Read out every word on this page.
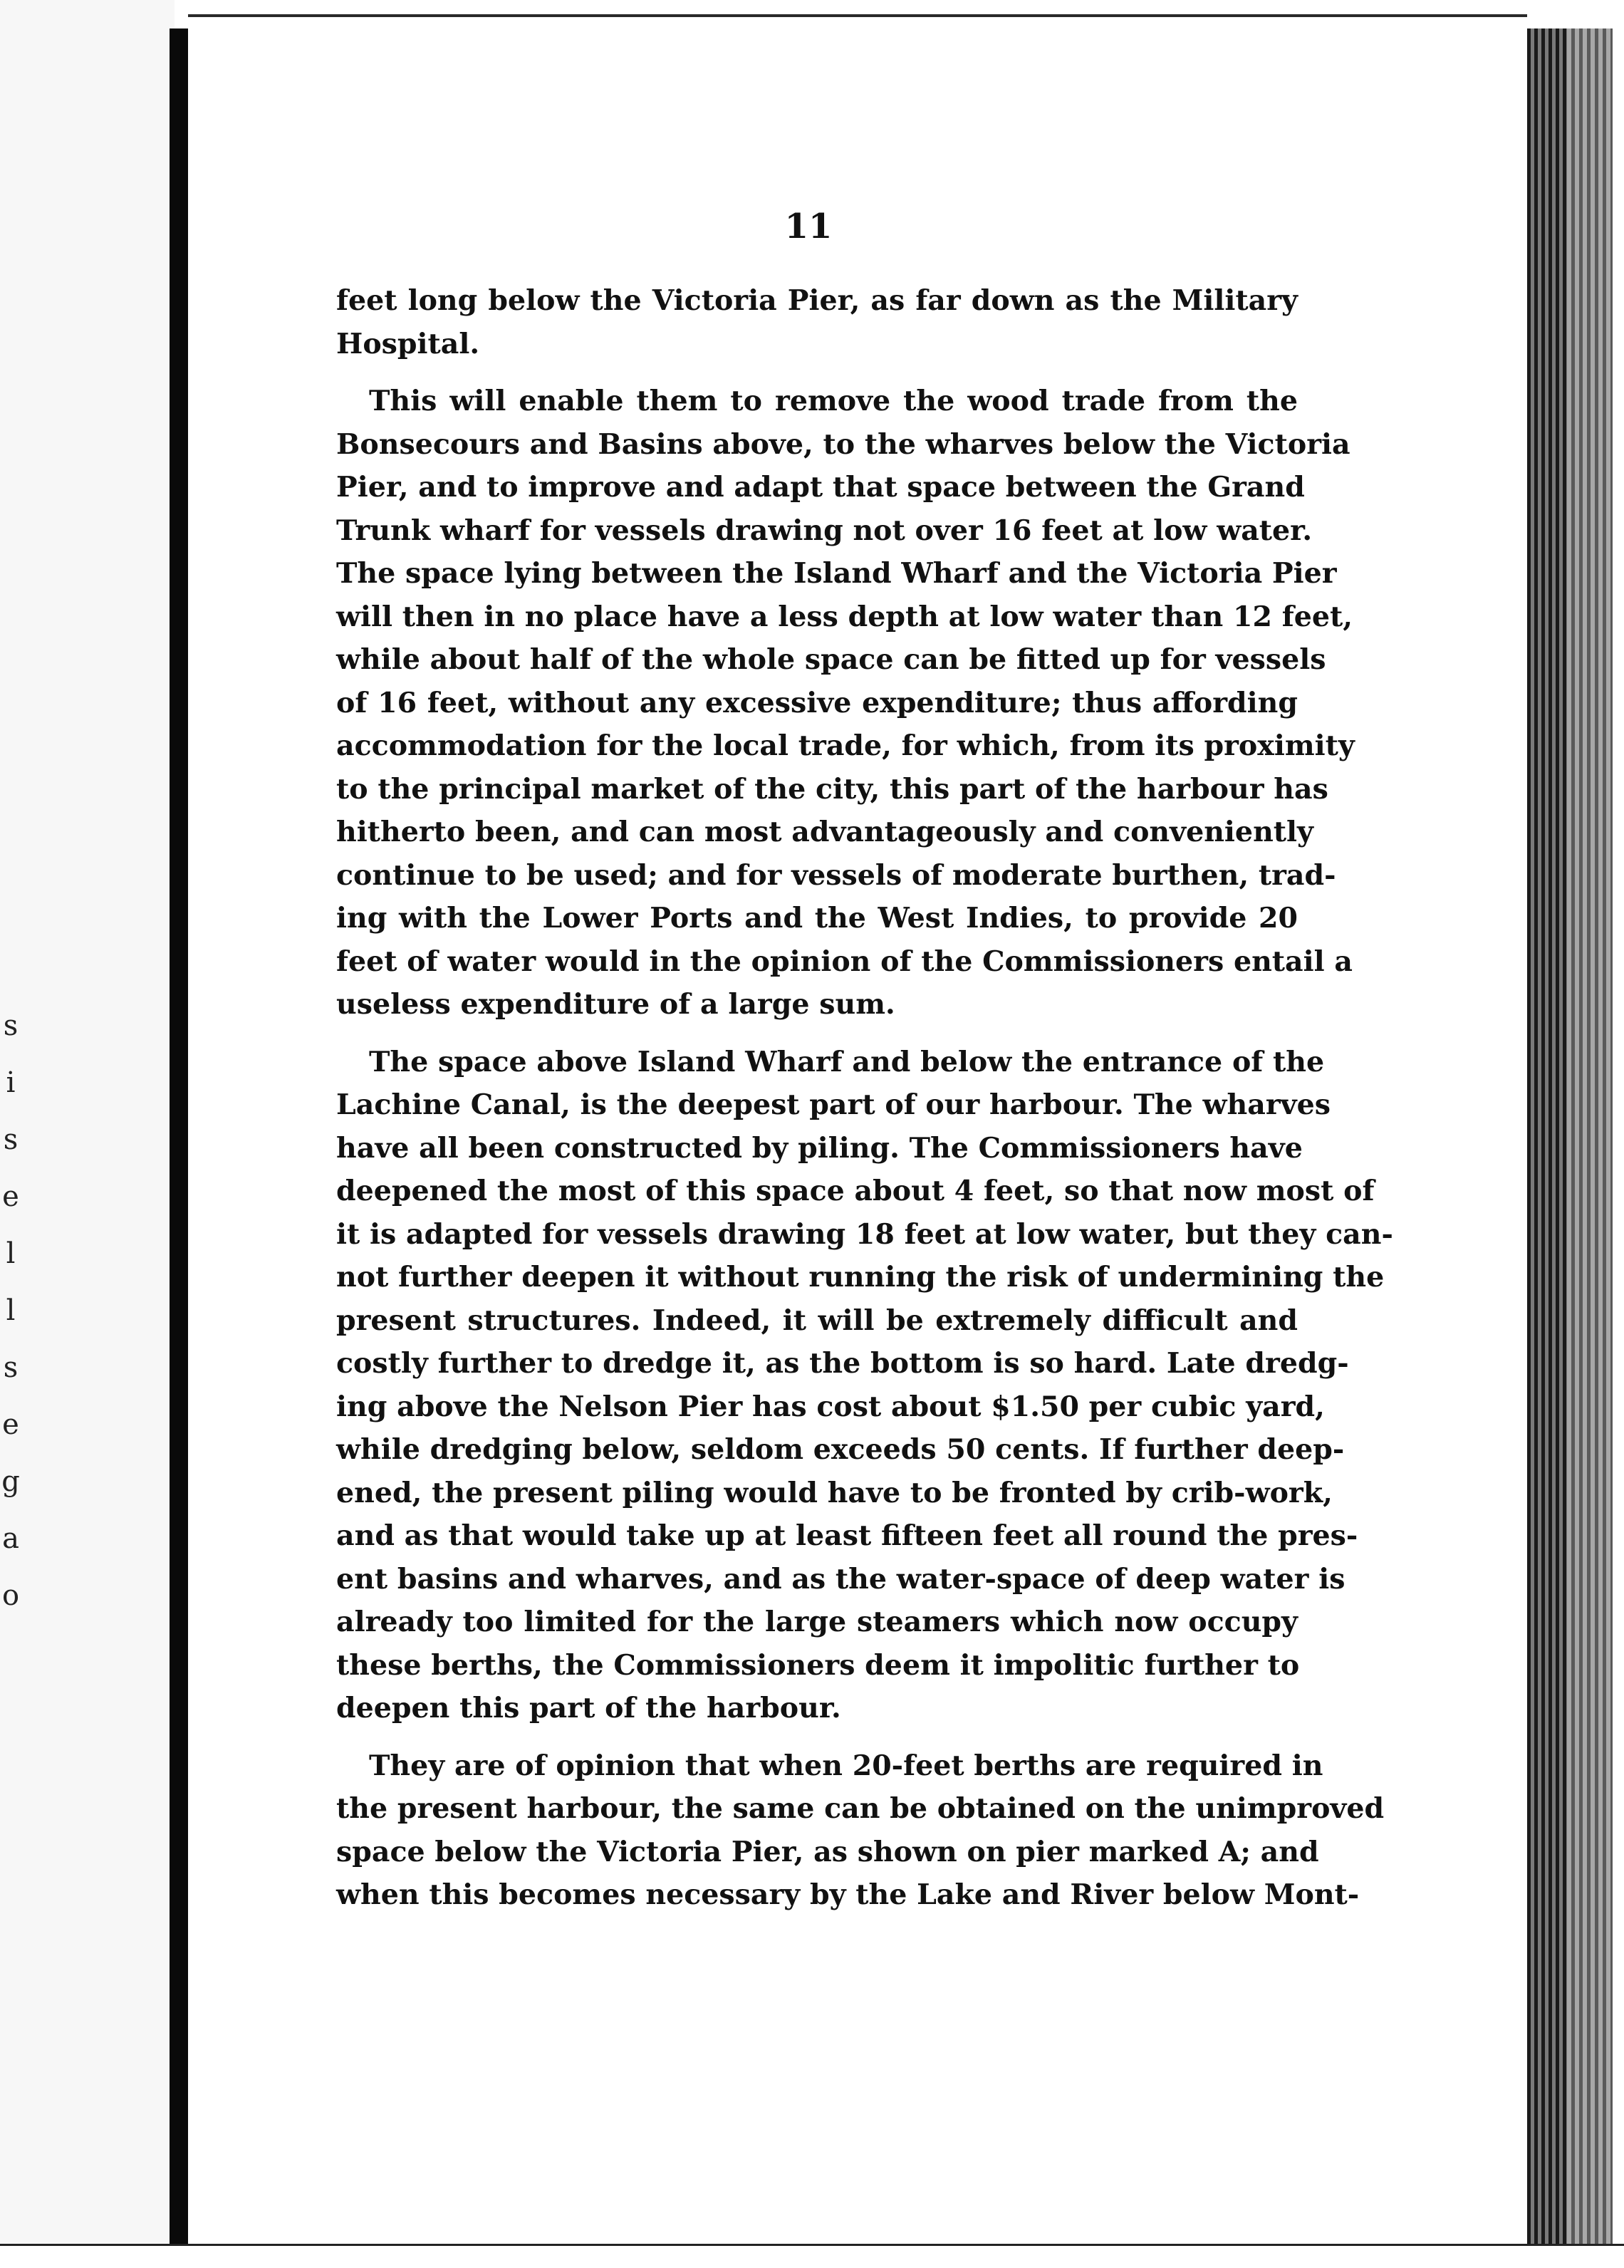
s
i
s
e
l
l
s
e
g
a
o
11
feet long below the Victoria Pier, as far down as the Military
Hospital.
This will enable them to remove the wood trade from the
Bonsecours and Basins above, to the wharves below the Victoria
Pier, and to improve and adapt that space between the Grand
Trunk wharf for vessels drawing not over 16 feet at low water.
The space lying between the Island Wharf and the Victoria Pier
will then in no place have a less depth at low water than 12 feet,
while about half of the whole space can be fitted up for vessels
of 16 feet, without any excessive expenditure; thus affording
accommodation for the local trade, for which, from its proximity
to the principal market of the city, this part of the harbour has
hitherto been, and can most advantageously and conveniently
continue to be used; and for vessels of moderate burthen, trad-
ing with the Lower Ports and the West Indies, to provide 20
feet of water would in the opinion of the Commissioners entail a
useless expenditure of a large sum.
The space above Island Wharf and below the entrance of the
Lachine Canal, is the deepest part of our harbour. The wharves
have all been constructed by piling. The Commissioners have
deepened the most of this space about 4 feet, so that now most of
it is adapted for vessels drawing 18 feet at low water, but they can-
not further deepen it without running the risk of undermining the
present structures. Indeed, it will be extremely difficult and
costly further to dredge it, as the bottom is so hard. Late dredg-
ing above the Nelson Pier has cost about $1.50 per cubic yard,
while dredging below, seldom exceeds 50 cents. If further deep-
ened, the present piling would have to be fronted by crib-work,
and as that would take up at least fifteen feet all round the pres-
ent basins and wharves, and as the water-space of deep water is
already too limited for the large steamers which now occupy
these berths, the Commissioners deem it impolitic further to
deepen this part of the harbour.
They are of opinion that when 20-feet berths are required in
the present harbour, the same can be obtained on the unimproved
space below the Victoria Pier, as shown on pier marked A; and
when this becomes necessary by the Lake and River below Mont-
